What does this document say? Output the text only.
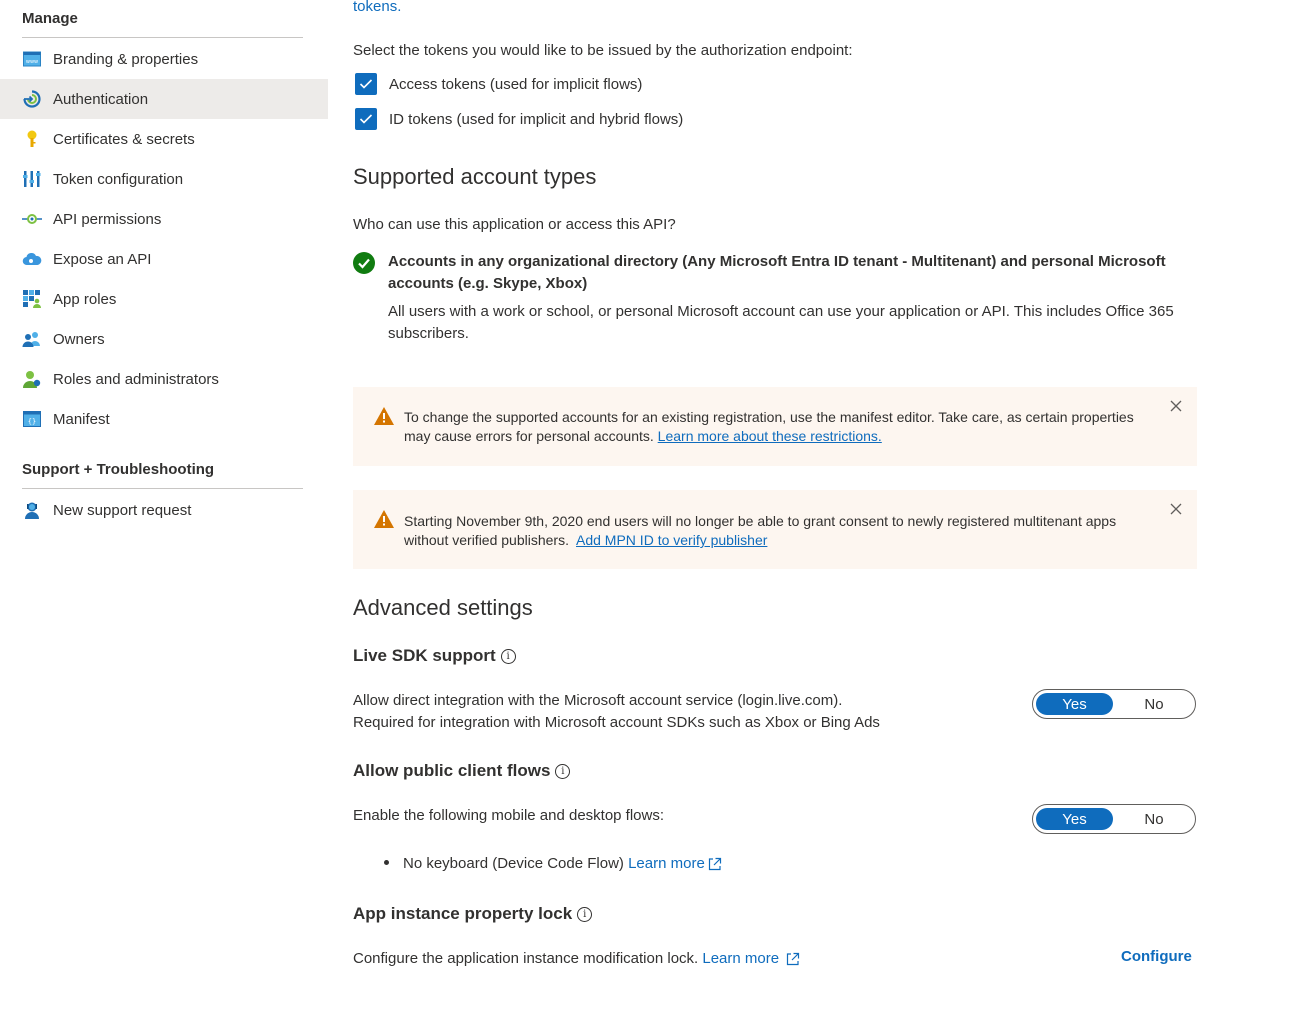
Manage
www Branding & properties
Authentication
Certificates & secrets
Token configuration
API permissions
Expose an API
App roles
Owners
Roles and administrators
{} Manifest
Support + Troubleshooting
New support request
tokens.
Select the tokens you would like to be issued by the authorization endpoint:
Access tokens (used for implicit flows)
ID tokens (used for implicit and hybrid flows)
Supported account types
Who can use this application or access this API?
Accounts in any organizational directory (Any Microsoft Entra ID tenant - Multitenant) and personal Microsoft accounts (e.g. Skype, Xbox)
All users with a work or school, or personal Microsoft account can use your application or API. This includes Office 365 subscribers.
To change the supported accounts for an existing registration, use the manifest editor. Take care, as certain properties may cause errors for personal accounts. Learn more about these restrictions.
Starting November 9th, 2020 end users will no longer be able to grant consent to newly registered multitenant apps without verified publishers. Add MPN ID to verify publisher
Advanced settings
Live SDK support	i
Allow direct integration with the Microsoft account service (login.live.com).
Required for integration with Microsoft account SDKs such as Xbox or Bing Ads
Yes	No
Allow public client flows	i
Enable the following mobile and desktop flows:	Yes	No
No keyboard (Device Code Flow)
Learn more
App instance property lock	i
Configure the application instance modification lock.
Learn more	Configure
